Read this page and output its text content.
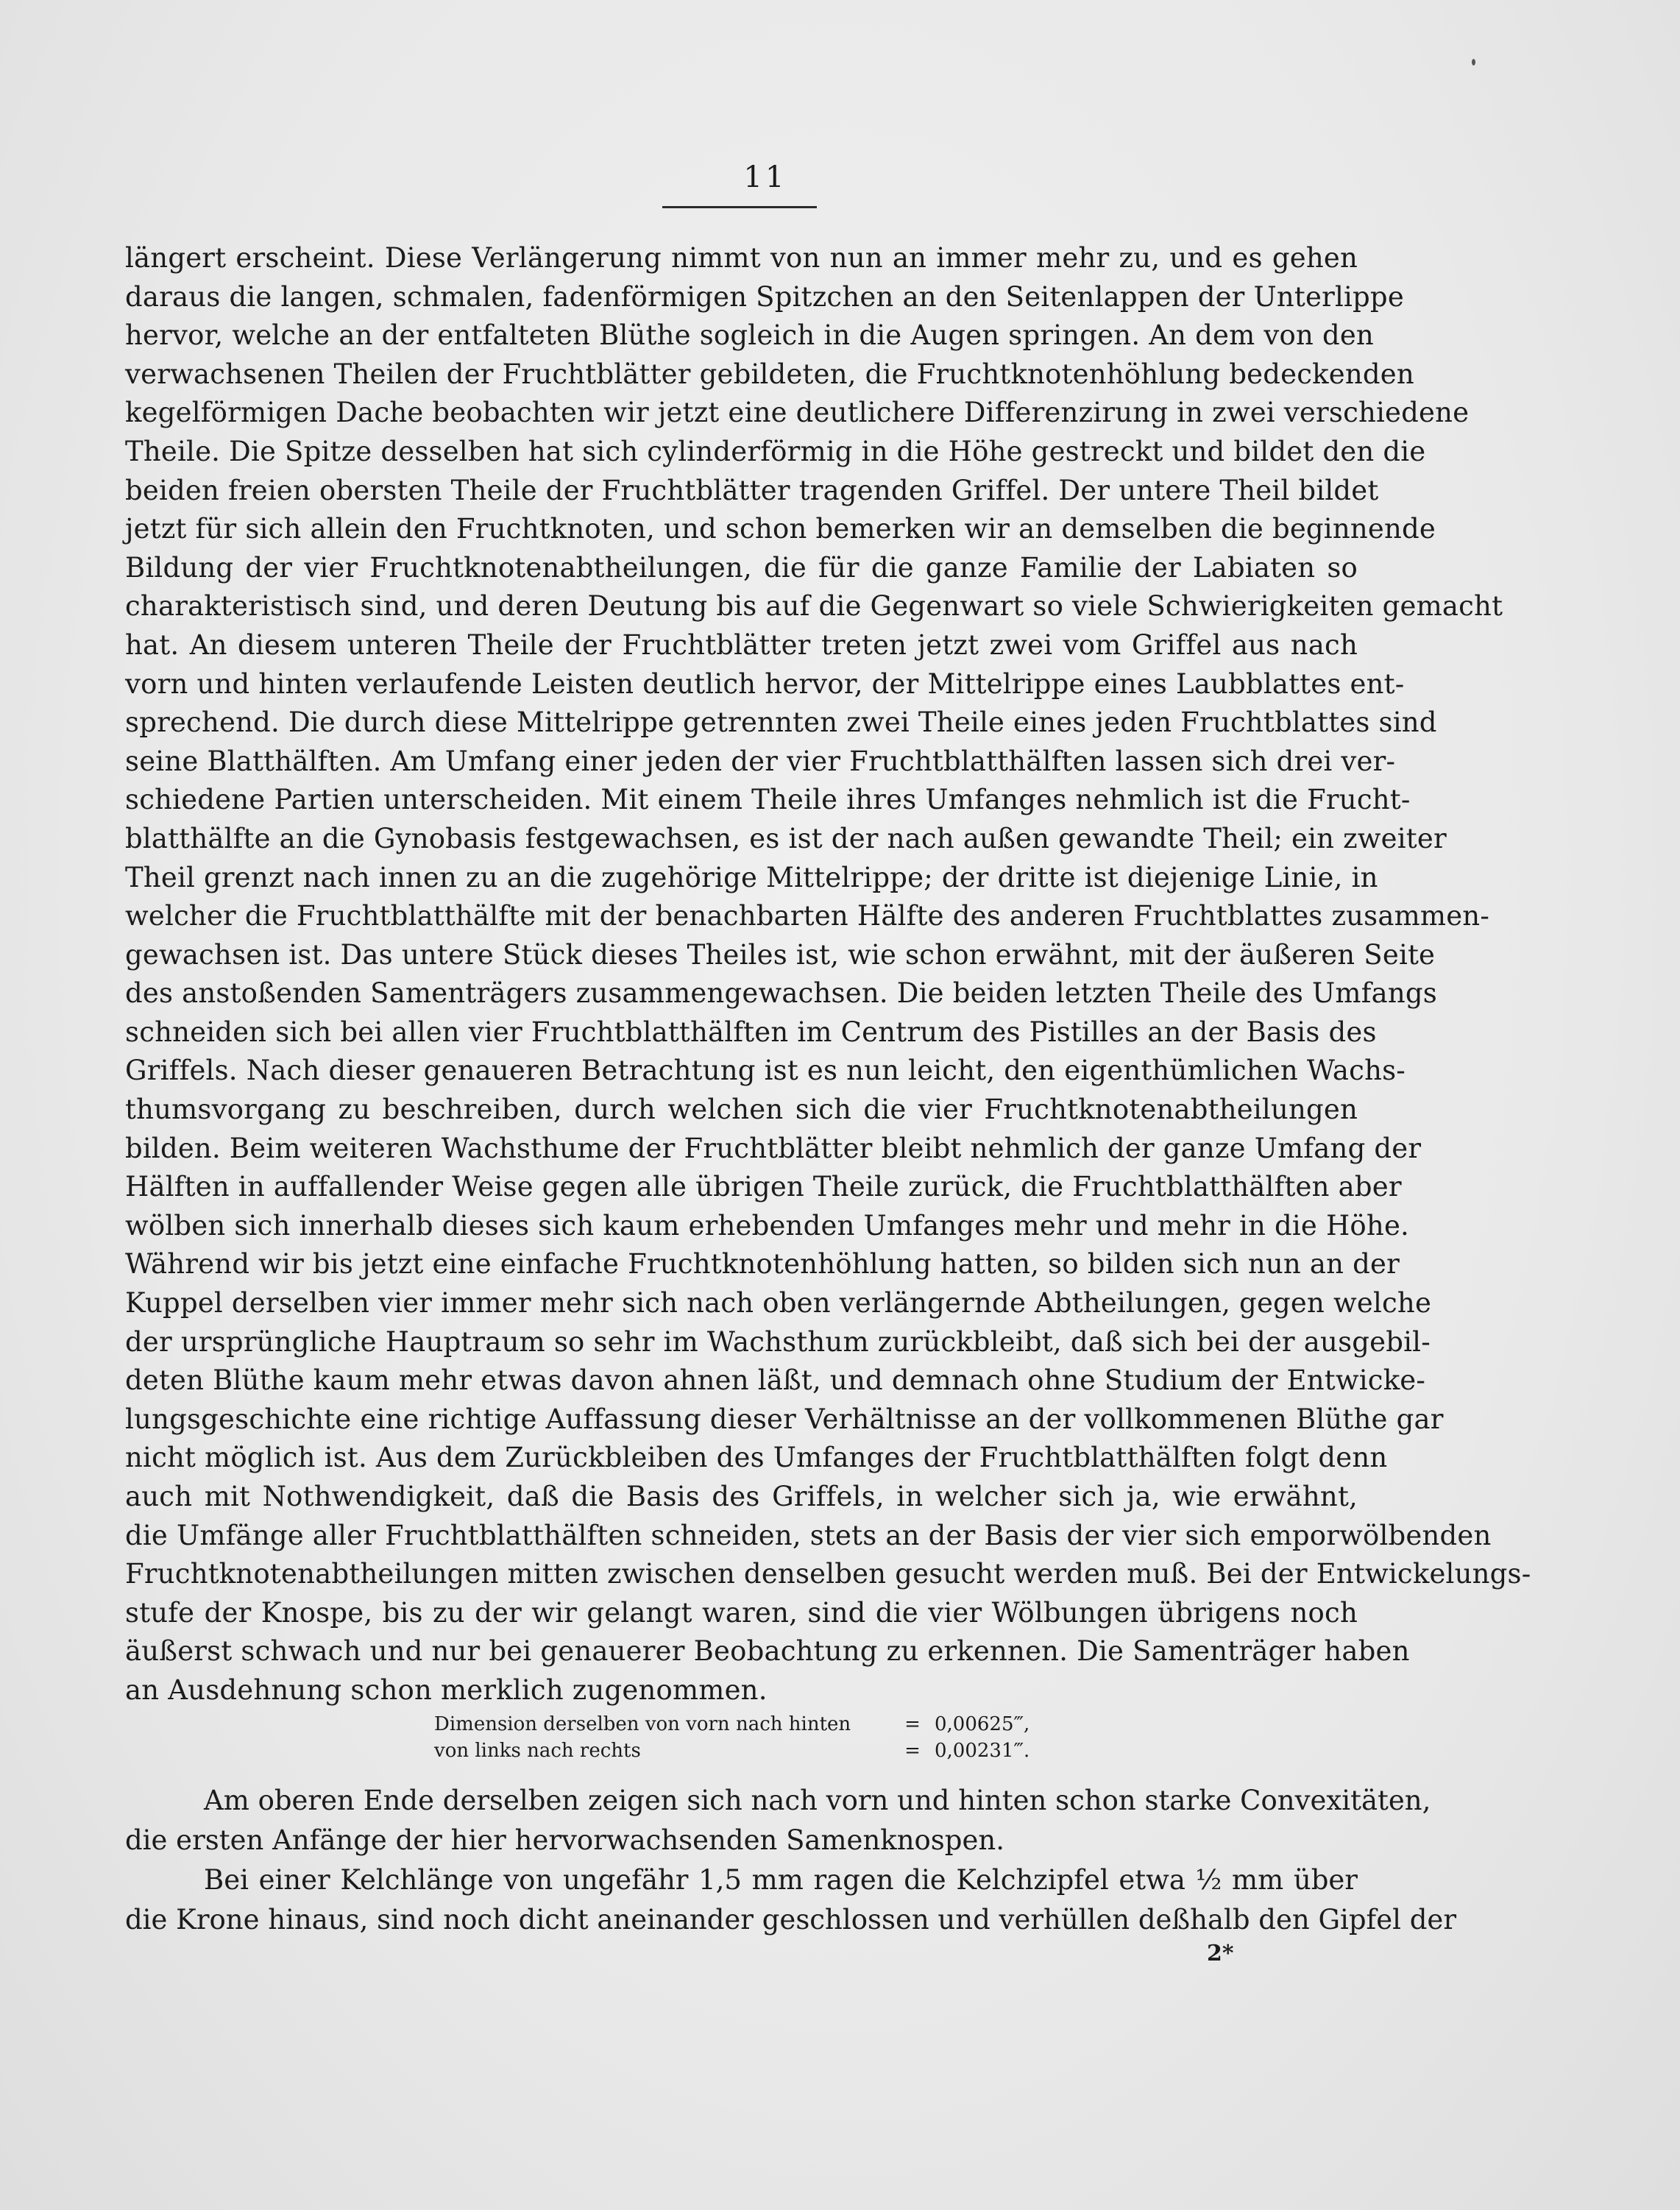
11
längert erscheint. Diese Verlängerung nimmt von nun an immer mehr zu, und es gehen
daraus die langen, schmalen, fadenförmigen Spitzchen an den Seitenlappen der Unterlippe
hervor, welche an der entfalteten Blüthe sogleich in die Augen springen. An dem von den
verwachsenen Theilen der Fruchtblätter gebildeten, die Fruchtknotenhöhlung bedeckenden
kegelförmigen Dache beobachten wir jetzt eine deutlichere Differenzirung in zwei verschiedene
Theile. Die Spitze desselben hat sich cylinderförmig in die Höhe gestreckt und bildet den die
beiden freien obersten Theile der Fruchtblätter tragenden Griffel. Der untere Theil bildet
jetzt für sich allein den Fruchtknoten, und schon bemerken wir an demselben die beginnende
Bildung der vier Fruchtknotenabtheilungen, die für die ganze Familie der Labiaten so
charakteristisch sind, und deren Deutung bis auf die Gegenwart so viele Schwierigkeiten gemacht
hat. An diesem unteren Theile der Fruchtblätter treten jetzt zwei vom Griffel aus nach
vorn und hinten verlaufende Leisten deutlich hervor, der Mittelrippe eines Laubblattes ent-
sprechend. Die durch diese Mittelrippe getrennten zwei Theile eines jeden Fruchtblattes sind
seine Blatthälften. Am Umfang einer jeden der vier Fruchtblatthälften lassen sich drei ver-
schiedene Partien unterscheiden. Mit einem Theile ihres Umfanges nehmlich ist die Frucht-
blatthälfte an die Gynobasis festgewachsen, es ist der nach außen gewandte Theil; ein zweiter
Theil grenzt nach innen zu an die zugehörige Mittelrippe; der dritte ist diejenige Linie, in
welcher die Fruchtblatthälfte mit der benachbarten Hälfte des anderen Fruchtblattes zusammen-
gewachsen ist. Das untere Stück dieses Theiles ist, wie schon erwähnt, mit der äußeren Seite
des anstoßenden Samenträgers zusammengewachsen. Die beiden letzten Theile des Umfangs
schneiden sich bei allen vier Fruchtblatthälften im Centrum des Pistilles an der Basis des
Griffels. Nach dieser genaueren Betrachtung ist es nun leicht, den eigenthümlichen Wachs-
thumsvorgang zu beschreiben, durch welchen sich die vier Fruchtknotenabtheilungen
bilden. Beim weiteren Wachsthume der Fruchtblätter bleibt nehmlich der ganze Umfang der
Hälften in auffallender Weise gegen alle übrigen Theile zurück, die Fruchtblatthälften aber
wölben sich innerhalb dieses sich kaum erhebenden Umfanges mehr und mehr in die Höhe.
Während wir bis jetzt eine einfache Fruchtknotenhöhlung hatten, so bilden sich nun an der
Kuppel derselben vier immer mehr sich nach oben verlängernde Abtheilungen, gegen welche
der ursprüngliche Hauptraum so sehr im Wachsthum zurückbleibt, daß sich bei der ausgebil-
deten Blüthe kaum mehr etwas davon ahnen läßt, und demnach ohne Studium der Entwicke-
lungsgeschichte eine richtige Auffassung dieser Verhältnisse an der vollkommenen Blüthe gar
nicht möglich ist. Aus dem Zurückbleiben des Umfanges der Fruchtblatthälften folgt denn
auch mit Nothwendigkeit, daß die Basis des Griffels, in welcher sich ja, wie erwähnt,
die Umfänge aller Fruchtblatthälften schneiden, stets an der Basis der vier sich emporwölbenden
Fruchtknotenabtheilungen mitten zwischen denselben gesucht werden muß. Bei der Entwickelungs-
stufe der Knospe, bis zu der wir gelangt waren, sind die vier Wölbungen übrigens noch
äußerst schwach und nur bei genauerer Beobachtung zu erkennen. Die Samenträger haben
an Ausdehnung schon merklich zugenommen.
Dimension derselben von vorn nach hinten	= 0,00625‴,
von links nach rechts	= 0,00231‴.
Am oberen Ende derselben zeigen sich nach vorn und hinten schon starke Convexitäten,
die ersten Anfänge der hier hervorwachsenden Samenknospen.
Bei einer Kelchlänge von ungefähr 1,5 mm ragen die Kelchzipfel etwa ½ mm über
die Krone hinaus, sind noch dicht aneinander geschlossen und verhüllen deßhalb den Gipfel der
2*
